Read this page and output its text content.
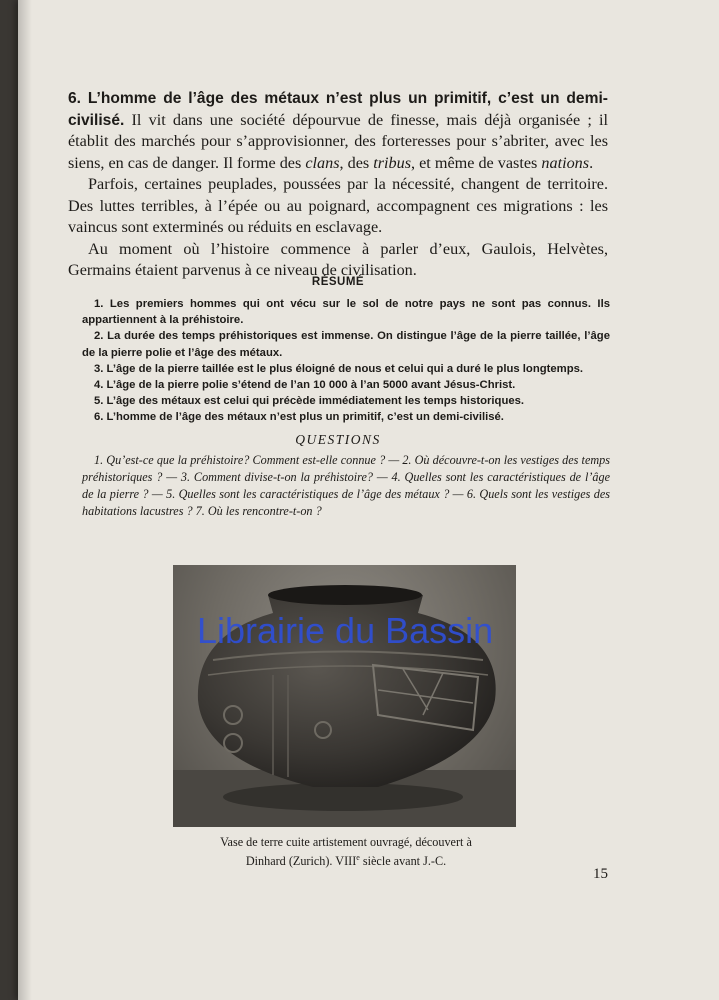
6. L’homme de l’âge des métaux n’est plus un primitif, c’est un demi-civilisé. Il vit dans une société dépourvue de finesse, mais déjà organisée ; il établit des marchés pour s’approvisionner, des forteresses pour s’abriter, avec les siens, en cas de danger. Il forme des clans, des tribus, et même de vastes nations.

Parfois, certaines peuplades, poussées par la nécessité, changent de territoire. Des luttes terribles, à l’épée ou au poignard, accompagnent ces migrations : les vaincus sont exterminés ou réduits en esclavage.

Au moment où l’histoire commence à parler d’eux, Gaulois, Helvètes, Germains étaient parvenus à ce niveau de civilisation.

RÉSUMÉ
1. Les premiers hommes qui ont vécu sur le sol de notre pays ne sont pas connus. Ils appartiennent à la préhistoire.
2. La durée des temps préhistoriques est immense. On distingue l’âge de la pierre taillée, l’âge de la pierre polie et l’âge des métaux.
3. L’âge de la pierre taillée est le plus éloigné de nous et celui qui a duré le plus longtemps.
4. L’âge de la pierre polie s’étend de l’an 10 000 à l’an 5000 avant Jésus-Christ.
5. L’âge des métaux est celui qui précède immédiatement les temps historiques.
6. L’homme de l’âge des métaux n’est plus un primitif, c’est un demi-civilisé.
QUESTIONS

1. Qu’est-ce que la préhistoire? Comment est-elle connue ? — 2. Où découvre-t-on les vestiges des temps préhistoriques ? — 3. Comment divise-t-on la préhistoire? — 4. Quelles sont les caractéristiques de l’âge de la pierre ? — 5. Quelles sont les caractéristiques de l’âge des métaux ? — 6. Quels sont les vestiges des habitations lacustres ? 7. Où les rencontre-t-on ?

Librairie du Bassin
Vase de terre cuite artistement ouvragé, découvert à
Dinhard (Zurich). VIIIe siècle avant J.-C.
15
